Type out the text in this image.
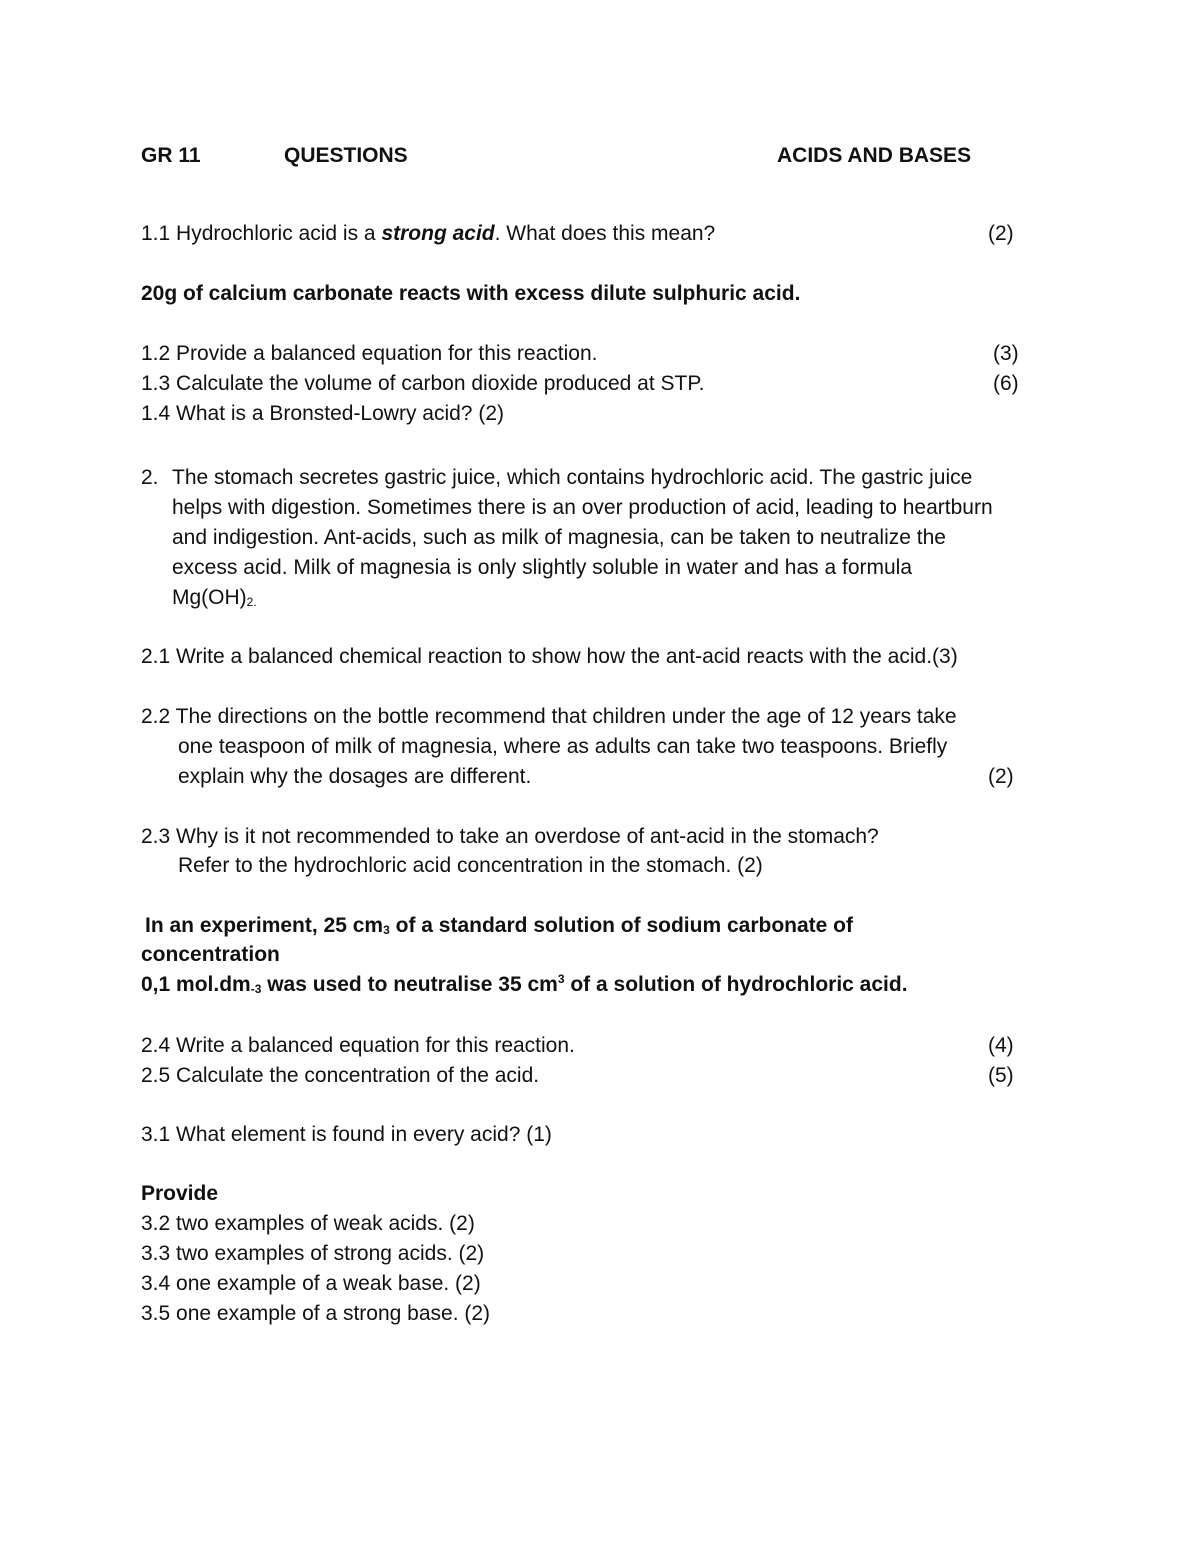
GR 11	QUESTIONS	ACIDS AND BASES
1.1 Hydrochloric acid is a strong acid. What does this mean?	(2)
20g of calcium carbonate reacts with excess dilute sulphuric acid.
1.2 Provide a balanced equation for this reaction.	(3)
1.3 Calculate the volume of carbon dioxide produced at STP.	(6)
1.4 What is a Bronsted-Lowry acid? (2)
2. The stomach secretes gastric juice, which contains hydrochloric acid. The gastric juice
helps with digestion. Sometimes there is an over production of acid, leading to heartburn
and indigestion. Ant-acids, such as milk of magnesia, can be taken to neutralize the
excess acid. Milk of magnesia is only slightly soluble in water and has a formula
$Mg(OH)_{2.}$
2.1 Write a balanced chemical reaction to show how the ant-acid reacts with the acid.(3)
2.2 The directions on the bottle recommend that children under the age of 12 years take
one teaspoon of milk of magnesia, where as adults can take two teaspoons. Briefly
explain why the dosages are different.	(2)
2.3 Why is it not recommended to take an overdose of ant-acid in the stomach?
Refer to the hydrochloric acid concentration in the stomach. (2)
In an experiment, 25 $cm_3$ of a standard solution of sodium carbonate of
concentration
0,1 $mol.dm_{-3}$ was used to neutralise 35 $cm^3$ of a solution of hydrochloric acid.
2.4 Write a balanced equation for this reaction.	(4)
2.5 Calculate the concentration of the acid.	(5)
3.1 What element is found in every acid? (1)
Provide
3.2 two examples of weak acids. (2)
3.3 two examples of strong acids. (2)
3.4 one example of a weak base. (2)
3.5 one example of a strong base. (2)
